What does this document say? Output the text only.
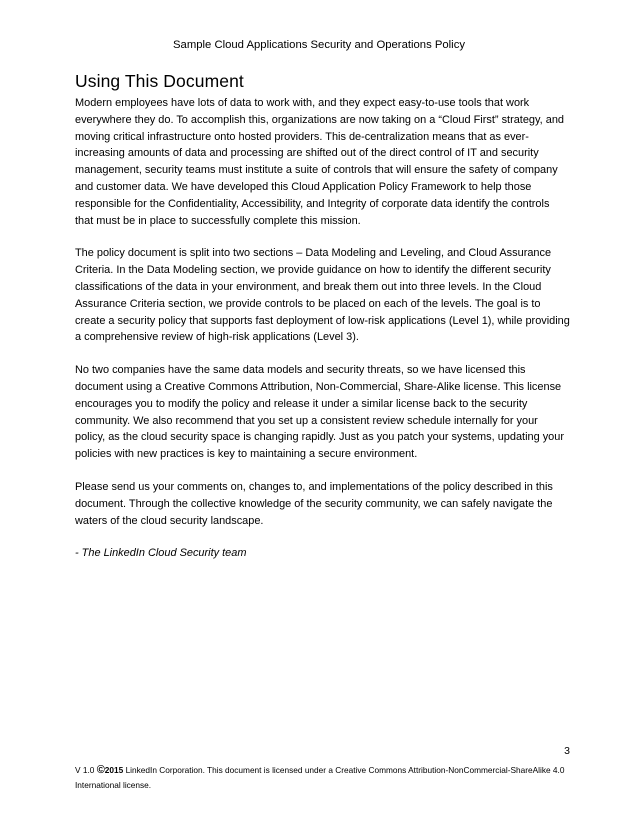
Sample Cloud Applications Security and Operations Policy
Using This Document

Modern employees have lots of data to work with, and they expect easy-to-use tools that work everywhere they do. To accomplish this, organizations are now taking on a “Cloud First” strategy, and moving critical infrastructure onto hosted providers. This de-centralization means that as ever-increasing amounts of data and processing are shifted out of the direct control of IT and security management, security teams must institute a suite of controls that will ensure the safety of company and customer data. We have developed this Cloud Application Policy Framework to help those responsible for the Confidentiality, Accessibility, and Integrity of corporate data identify the controls that must be in place to successfully complete this mission.

The policy document is split into two sections – Data Modeling and Leveling, and Cloud Assurance Criteria. In the Data Modeling section, we provide guidance on how to identify the different security classifications of the data in your environment, and break them out into three levels. In the Cloud Assurance Criteria section, we provide controls to be placed on each of the levels. The goal is to create a security policy that supports fast deployment of low-risk applications (Level 1), while providing a comprehensive review of high-risk applications (Level 3).

No two companies have the same data models and security threats, so we have licensed this document using a Creative Commons Attribution, Non-Commercial, Share-Alike license. This license encourages you to modify the policy and release it under a similar license back to the security community. We also recommend that you set up a consistent review schedule internally for your policy, as the cloud security space is changing rapidly. Just as you patch your systems, updating your policies with new practices is key to maintaining a secure environment.

Please send us your comments on, changes to, and implementations of the policy described in this document. Through the collective knowledge of the security community, we can safely navigate the waters of the cloud security landscape.

- The LinkedIn Cloud Security team

3
V 1.0 ©2015 LinkedIn Corporation. This document is licensed under a Creative Commons Attribution-NonCommercial-ShareAlike 4.0 International license.
